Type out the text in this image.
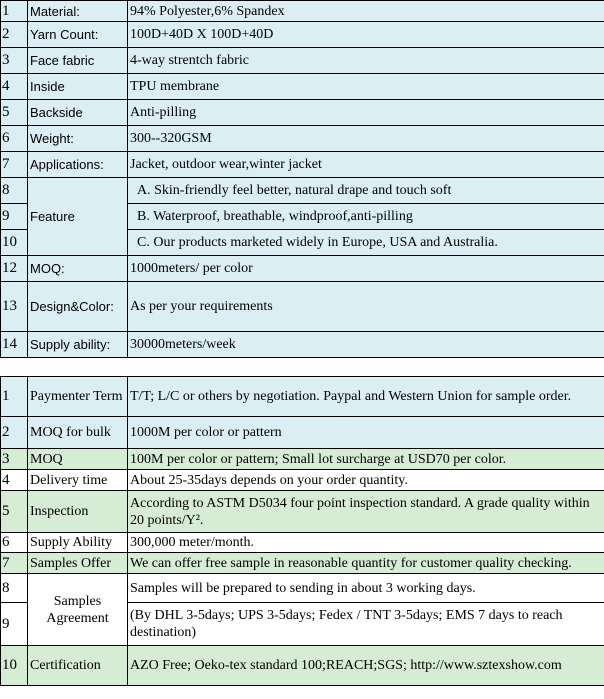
1	Material:	94% Polyester,6% Spandex
2	Yarn Count:	100D+40D X 100D+40D
3	Face fabric	4-way strentch fabric
4	Inside	TPU membrane
5	Backside	Anti-pilling
6	Weight:	300--320GSM
7	Applications:	Jacket, outdoor wear,winter jacket
8	Feature	A. Skin-friendly feel better, natural drape and touch soft
9		B. Waterproof, breathable, windproof,anti-pilling
10		C. Our products marketed widely in Europe, USA and Australia.
12	MOQ:	1000meters/ per color
13	Design&Color:	As per your requirements
14	Supply ability:	30000meters/week
1	Paymenter Term	T/T; L/C or others by negotiation. Paypal and Western Union for sample order.
2	MOQ for bulk	1000M per color or pattern
3	MOQ	100M per color or pattern; Small lot surcharge at USD70 per color.
4	Delivery time	About 25-35days depends on your order quantity.
5	Inspection	According to ASTM D5034 four point inspection standard. A grade quality within 20 points/Y².
6	Supply Ability	300,000 meter/month.
7	Samples Offer	We can offer free sample in reasonable quantity for customer quality checking.
8	Samples Agreement	Samples will be prepared to sending in about 3 working days.
9		(By DHL 3-5days; UPS 3-5days; Fedex / TNT 3-5days; EMS 7 days to reach destination)
10	Certification	AZO Free; Oeko-tex standard 100;REACH;SGS; http://www.sztexshow.com
